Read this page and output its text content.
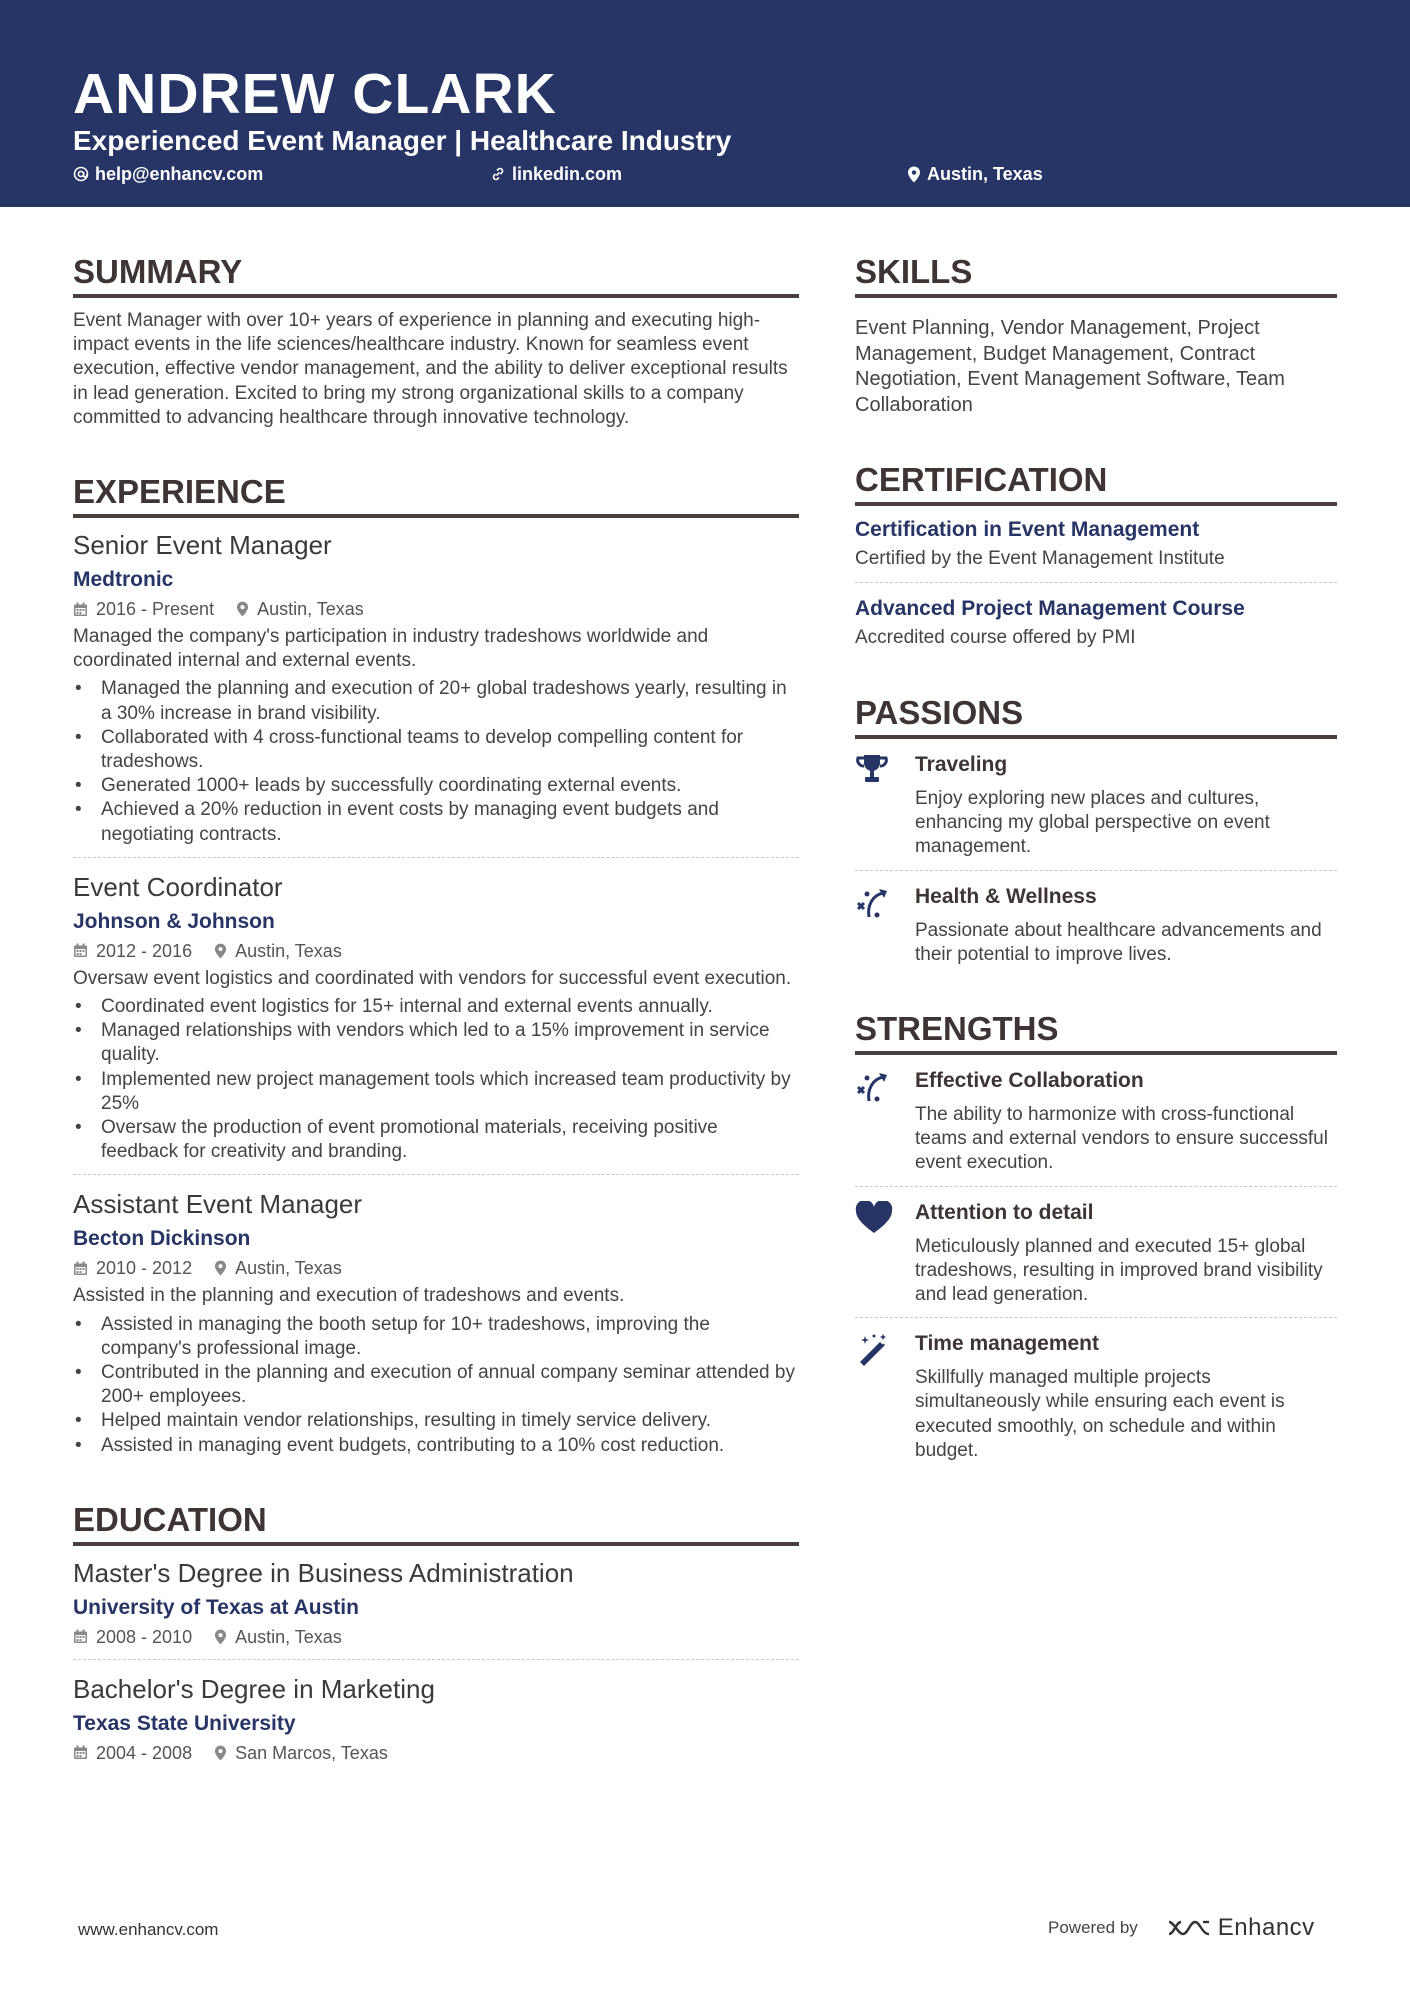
ANDREW CLARK
Experienced Event Manager | Healthcare Industry
help@enhancv.com	linkedin.com	Austin, Texas
SUMMARY
Event Manager with over 10+ years of experience in planning and executing high-impact events in the life sciences/healthcare industry. Known for seamless event execution, effective vendor management, and the ability to deliver exceptional results in lead generation. Excited to bring my strong organizational skills to a company committed to advancing healthcare through innovative technology.
EXPERIENCE
Senior Event Manager
Medtronic
2016 - Present Austin, Texas
Managed the company's participation in industry tradeshows worldwide and coordinated internal and external events.
• Managed the planning and execution of 20+ global tradeshows yearly, resulting in a 30% increase in brand visibility.
• Collaborated with 4 cross-functional teams to develop compelling content for tradeshows.
• Generated 1000+ leads by successfully coordinating external events.
• Achieved a 20% reduction in event costs by managing event budgets and negotiating contracts.
Event Coordinator
Johnson & Johnson
2012 - 2016 Austin, Texas
Oversaw event logistics and coordinated with vendors for successful event execution.
• Coordinated event logistics for 15+ internal and external events annually.
• Managed relationships with vendors which led to a 15% improvement in service quality.
• Implemented new project management tools which increased team productivity by 25%
• Oversaw the production of event promotional materials, receiving positive feedback for creativity and branding.
Assistant Event Manager
Becton Dickinson
2010 - 2012 Austin, Texas
Assisted in the planning and execution of tradeshows and events.
• Assisted in managing the booth setup for 10+ tradeshows, improving the company's professional image.
• Contributed in the planning and execution of annual company seminar attended by 200+ employees.
• Helped maintain vendor relationships, resulting in timely service delivery.
• Assisted in managing event budgets, contributing to a 10% cost reduction.
EDUCATION
Master's Degree in Business Administration
University of Texas at Austin
2008 - 2010 Austin, Texas
Bachelor's Degree in Marketing
Texas State University
2004 - 2008 San Marcos, Texas
SKILLS
Event Planning, Vendor Management, Project Management, Budget Management, Contract Negotiation, Event Management Software, Team Collaboration
CERTIFICATION
Certification in Event Management
Certified by the Event Management Institute
Advanced Project Management Course
Accredited course offered by PMI
PASSIONS
Traveling
Enjoy exploring new places and cultures, enhancing my global perspective on event management.
Health & Wellness
Passionate about healthcare advancements and their potential to improve lives.
STRENGTHS
Effective Collaboration
The ability to harmonize with cross-functional teams and external vendors to ensure successful event execution.
Attention to detail
Meticulously planned and executed 15+ global tradeshows, resulting in improved brand visibility and lead generation.
Time management
Skillfully managed multiple projects simultaneously while ensuring each event is executed smoothly, on schedule and within budget.
www.enhancv.com	Powered by	Enhancv
